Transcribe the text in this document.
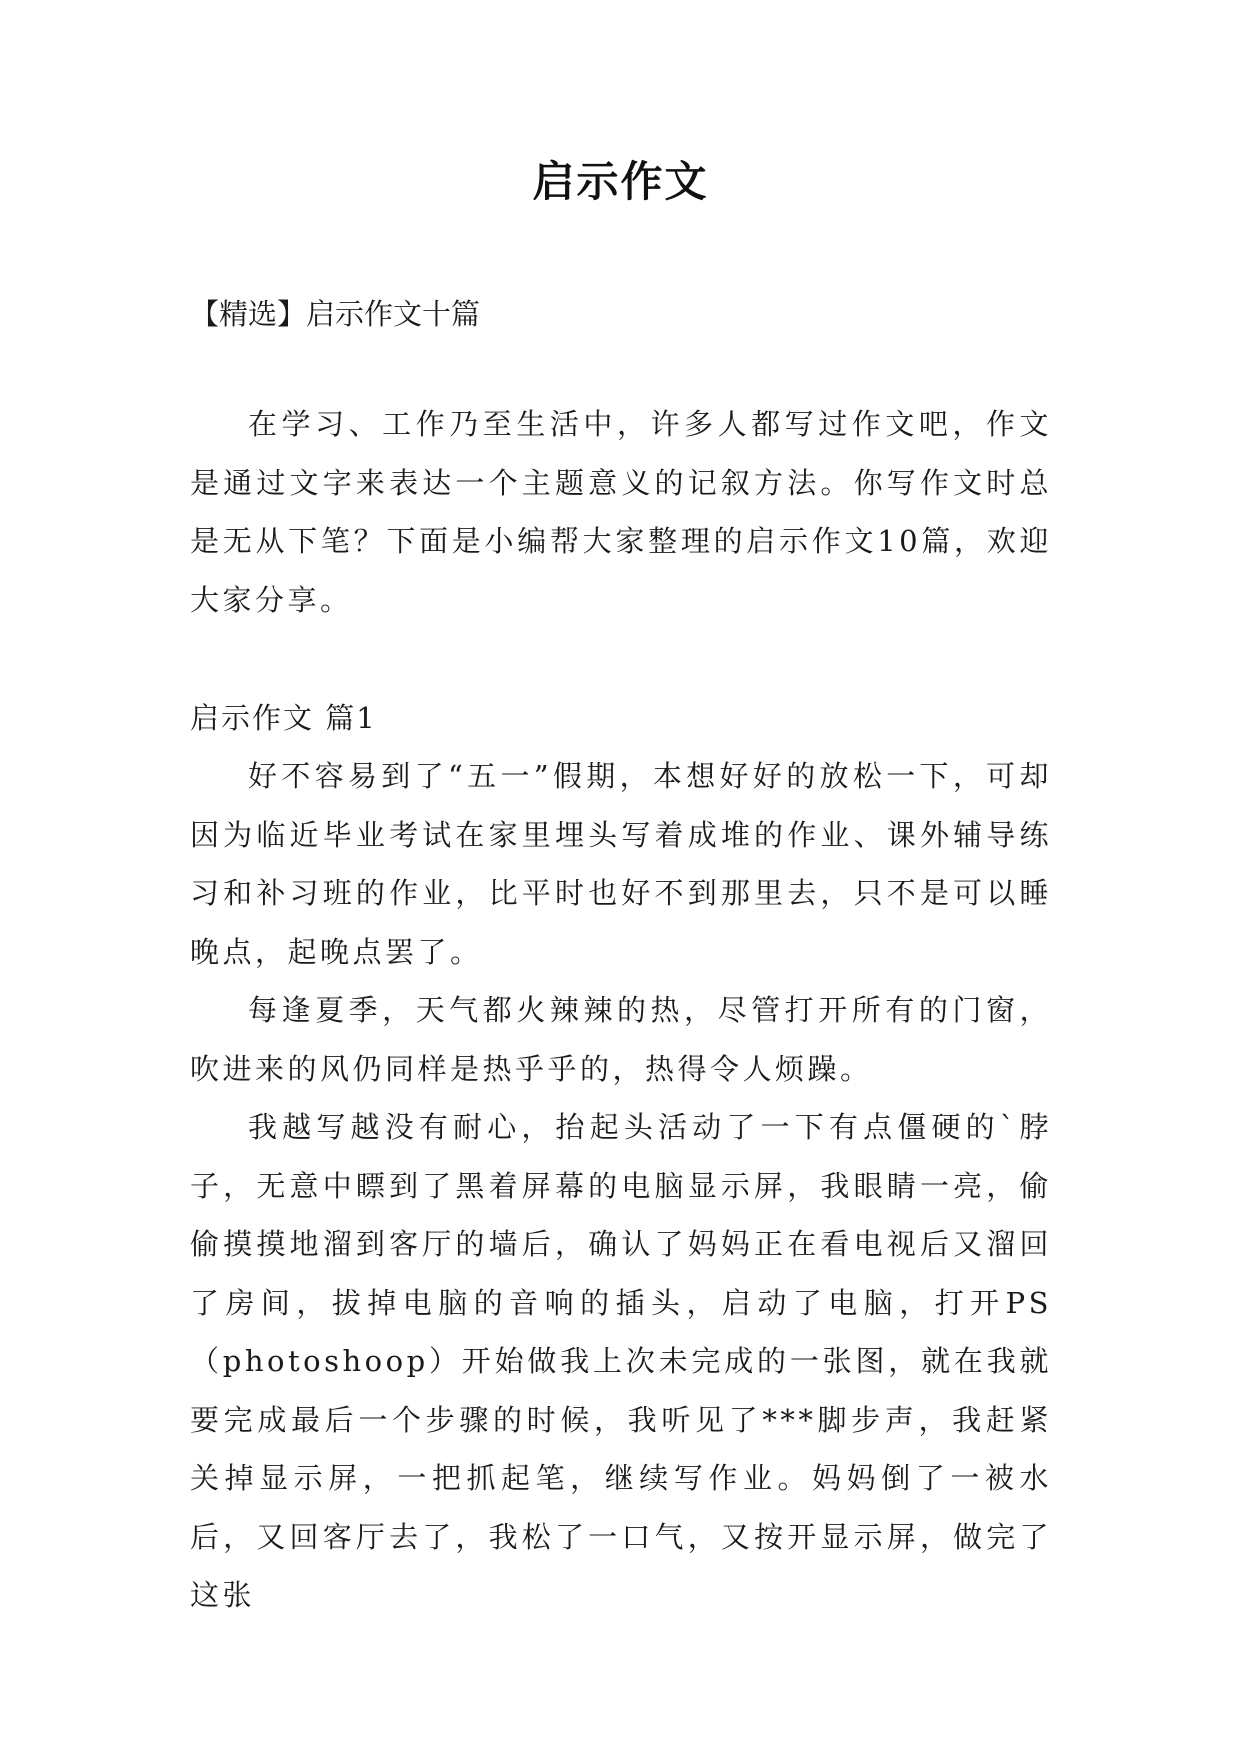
启示作文

【精选】启示作文十篇

在学习、工作乃至生活中，许多人都写过作文吧，作文是通过文字来表达一个主题意义的记叙方法。你写作文时总是无从下笔？下面是小编帮大家整理的启示作文10篇，欢迎大家分享。

启示作文 篇1

好不容易到了“五一”假期，本想好好的放松一下，可却因为临近毕业考试在家里埋头写着成堆的作业、课外辅导练习和补习班的作业，比平时也好不到那里去，只不是可以睡晚点，起晚点罢了。

每逢夏季，天气都火辣辣的热，尽管打开所有的门窗，吹进来的风仍同样是热乎乎的，热得令人烦躁。

我越写越没有耐心，抬起头活动了一下有点僵硬的`脖子，无意中瞟到了黑着屏幕的电脑显示屏，我眼睛一亮，偷偷摸摸地溜到客厅的墙后，确认了妈妈正在看电视后又溜回了房间，拔掉电脑的音响的插头，启动了电脑，打开PS（photoshoop）开始做我上次未完成的一张图，就在我就要完成最后一个步骤的时候，我听见了***脚步声，我赶紧关掉显示屏，一把抓起笔，继续写作业。妈妈倒了一被水后，又回客厅去了，我松了一口气，又按开显示屏，做完了这张
